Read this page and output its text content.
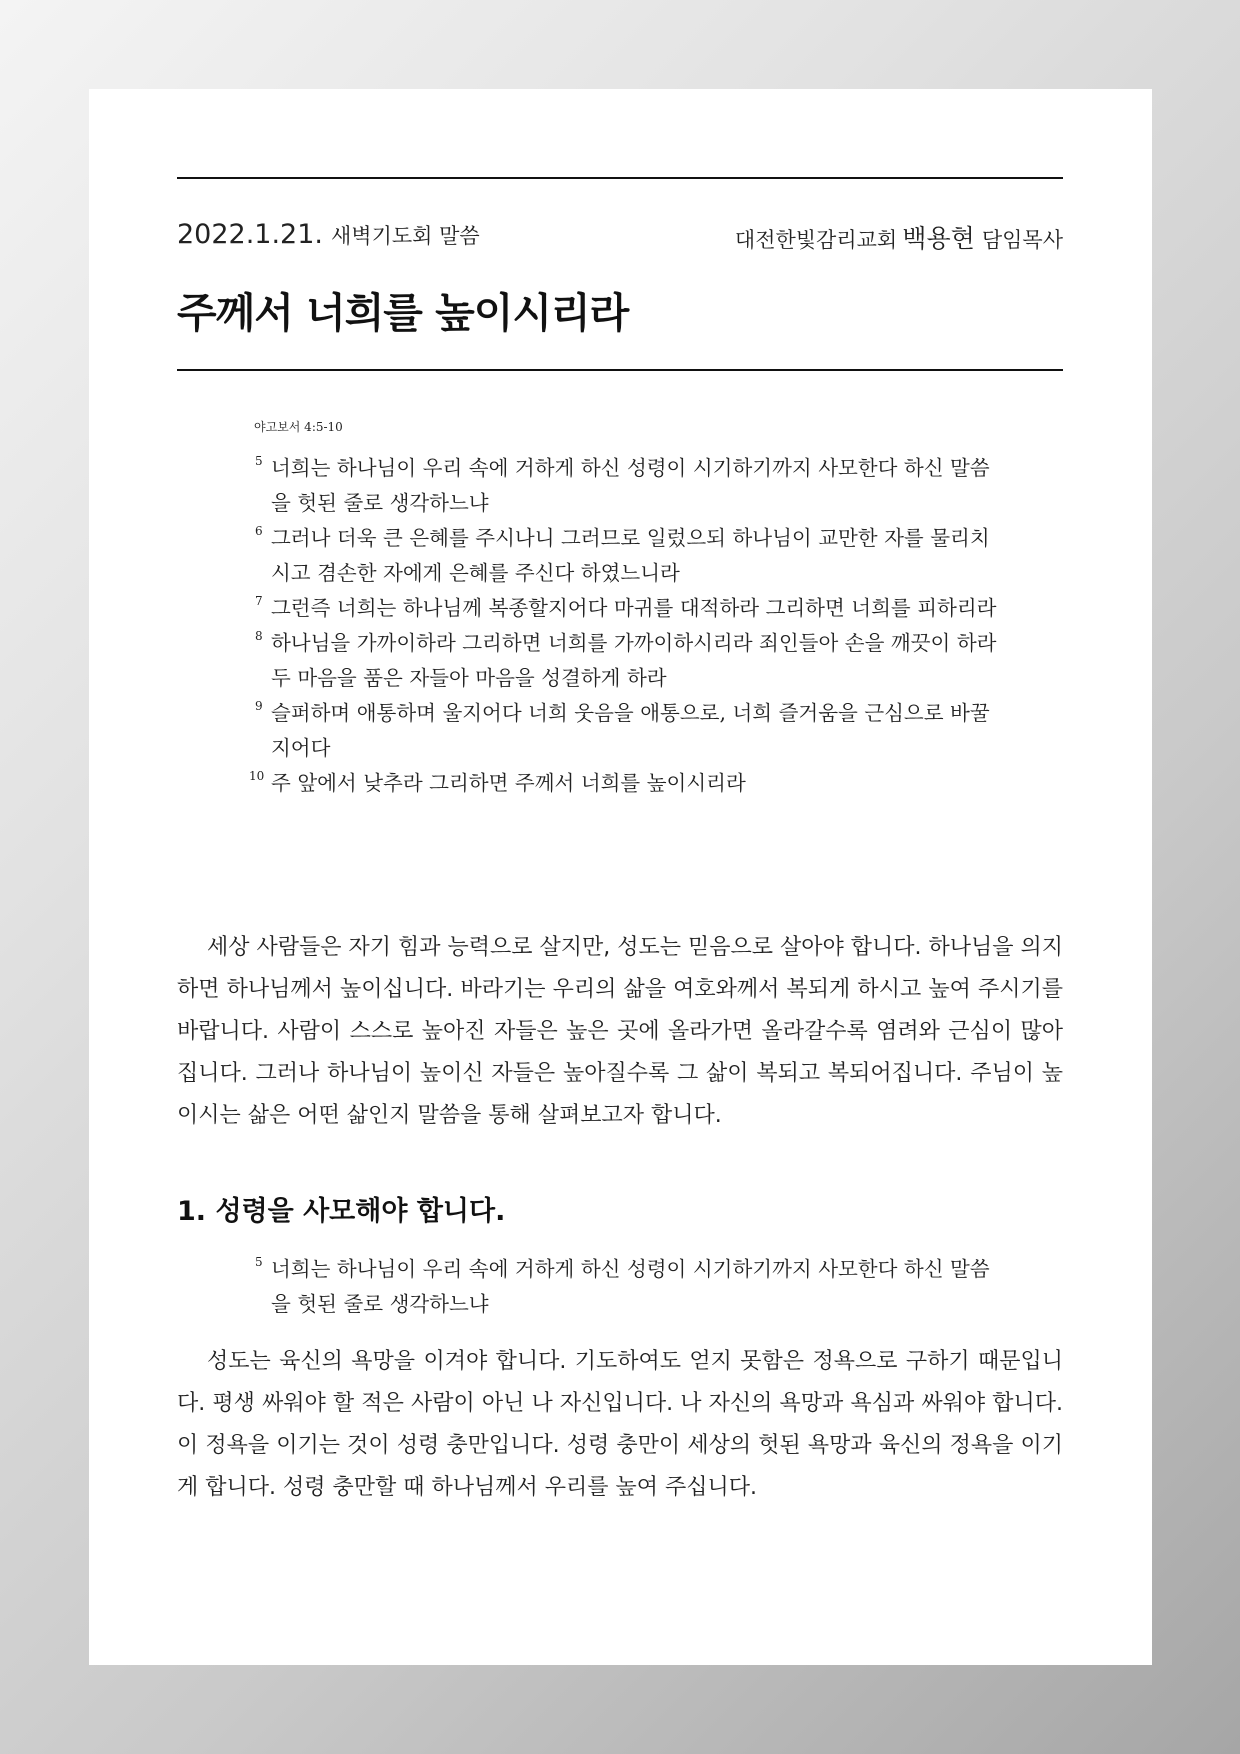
2022.1.21. 새벽기도회 말씀	대전한빛감리교회 백용현 담임목사
주께서 너희를 높이시리라
야고보서 4:5-10
5 너희는 하나님이 우리 속에 거하게 하신 성령이 시기하기까지 사모한다 하신 말씀을 헛된 줄로 생각하느냐
6 그러나 더욱 큰 은혜를 주시나니 그러므로 일렀으되 하나님이 교만한 자를 물리치시고 겸손한 자에게 은혜를 주신다 하였느니라
7 그런즉 너희는 하나님께 복종할지어다 마귀를 대적하라 그리하면 너희를 피하리라
8 하나님을 가까이하라 그리하면 너희를 가까이하시리라 죄인들아 손을 깨끗이 하라 두 마음을 품은 자들아 마음을 성결하게 하라
9 슬퍼하며 애통하며 울지어다 너희 웃음을 애통으로, 너희 즐거움을 근심으로 바꿀지어다
10 주 앞에서 낮추라 그리하면 주께서 너희를 높이시리라

세상 사람들은 자기 힘과 능력으로 살지만, 성도는 믿음으로 살아야 합니다. 하나님을 의지하면 하나님께서 높이십니다. 바라기는 우리의 삶을 여호와께서 복되게 하시고 높여 주시기를 바랍니다. 사람이 스스로 높아진 자들은 높은 곳에 올라가면 올라갈수록 염려와 근심이 많아집니다. 그러나 하나님이 높이신 자들은 높아질수록 그 삶이 복되고 복되어집니다. 주님이 높이시는 삶은 어떤 삶인지 말씀을 통해 살펴보고자 합니다.

1. 성령을 사모해야 합니다.
5 너희는 하나님이 우리 속에 거하게 하신 성령이 시기하기까지 사모한다 하신 말씀을 헛된 줄로 생각하느냐

성도는 육신의 욕망을 이겨야 합니다. 기도하여도 얻지 못함은 정욕으로 구하기 때문입니다. 평생 싸워야 할 적은 사람이 아닌 나 자신입니다. 나 자신의 욕망과 욕심과 싸워야 합니다. 이 정욕을 이기는 것이 성령 충만입니다. 성령 충만이 세상의 헛된 욕망과 육신의 정욕을 이기게 합니다. 성령 충만할 때 하나님께서 우리를 높여 주십니다.
